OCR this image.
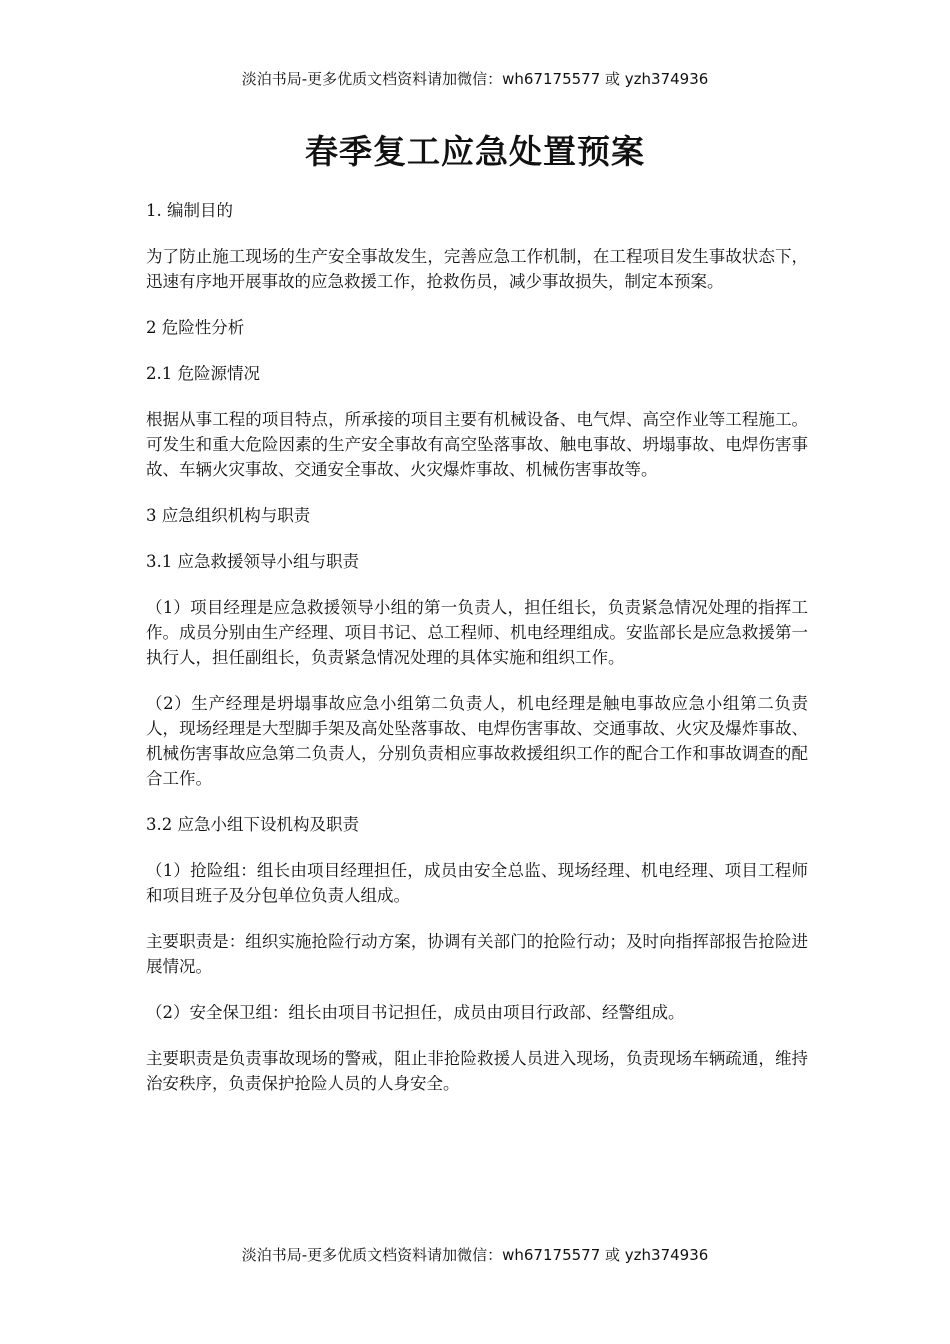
淡泊书局-更多优质文档资料请加微信：wh67175577 或 yzh374936
春季复工应急处置预案

1. 编制目的

为了防止施工现场的生产安全事故发生，完善应急工作机制，在工程项目发生事故状态下，迅速有序地开展事故的应急救援工作，抢救伤员，减少事故损失，制定本预案。

2 危险性分析

2.1 危险源情况

根据从事工程的项目特点，所承接的项目主要有机械设备、电气焊、高空作业等工程施工。可发生和重大危险因素的生产安全事故有高空坠落事故、触电事故、坍塌事故、电焊伤害事故、车辆火灾事故、交通安全事故、火灾爆炸事故、机械伤害事故等。

3 应急组织机构与职责

3.1 应急救援领导小组与职责

（1）项目经理是应急救援领导小组的第一负责人，担任组长，负责紧急情况处理的指挥工作。成员分别由生产经理、项目书记、总工程师、机电经理组成。安监部长是应急救援第一执行人，担任副组长，负责紧急情况处理的具体实施和组织工作。

（2）生产经理是坍塌事故应急小组第二负责人，机电经理是触电事故应急小组第二负责人，现场经理是大型脚手架及高处坠落事故、电焊伤害事故、交通事故、火灾及爆炸事故、机械伤害事故应急第二负责人，分别负责相应事故救援组织工作的配合工作和事故调查的配合工作。

3.2 应急小组下设机构及职责

（1）抢险组：组长由项目经理担任，成员由安全总监、现场经理、机电经理、项目工程师和项目班子及分包单位负责人组成。

主要职责是：组织实施抢险行动方案，协调有关部门的抢险行动；及时向指挥部报告抢险进展情况。

（2）安全保卫组：组长由项目书记担任，成员由项目行政部、经警组成。

主要职责是负责事故现场的警戒，阻止非抢险救援人员进入现场，负责现场车辆疏通，维持治安秩序，负责保护抢险人员的人身安全。

淡泊书局-更多优质文档资料请加微信：wh67175577 或 yzh374936
